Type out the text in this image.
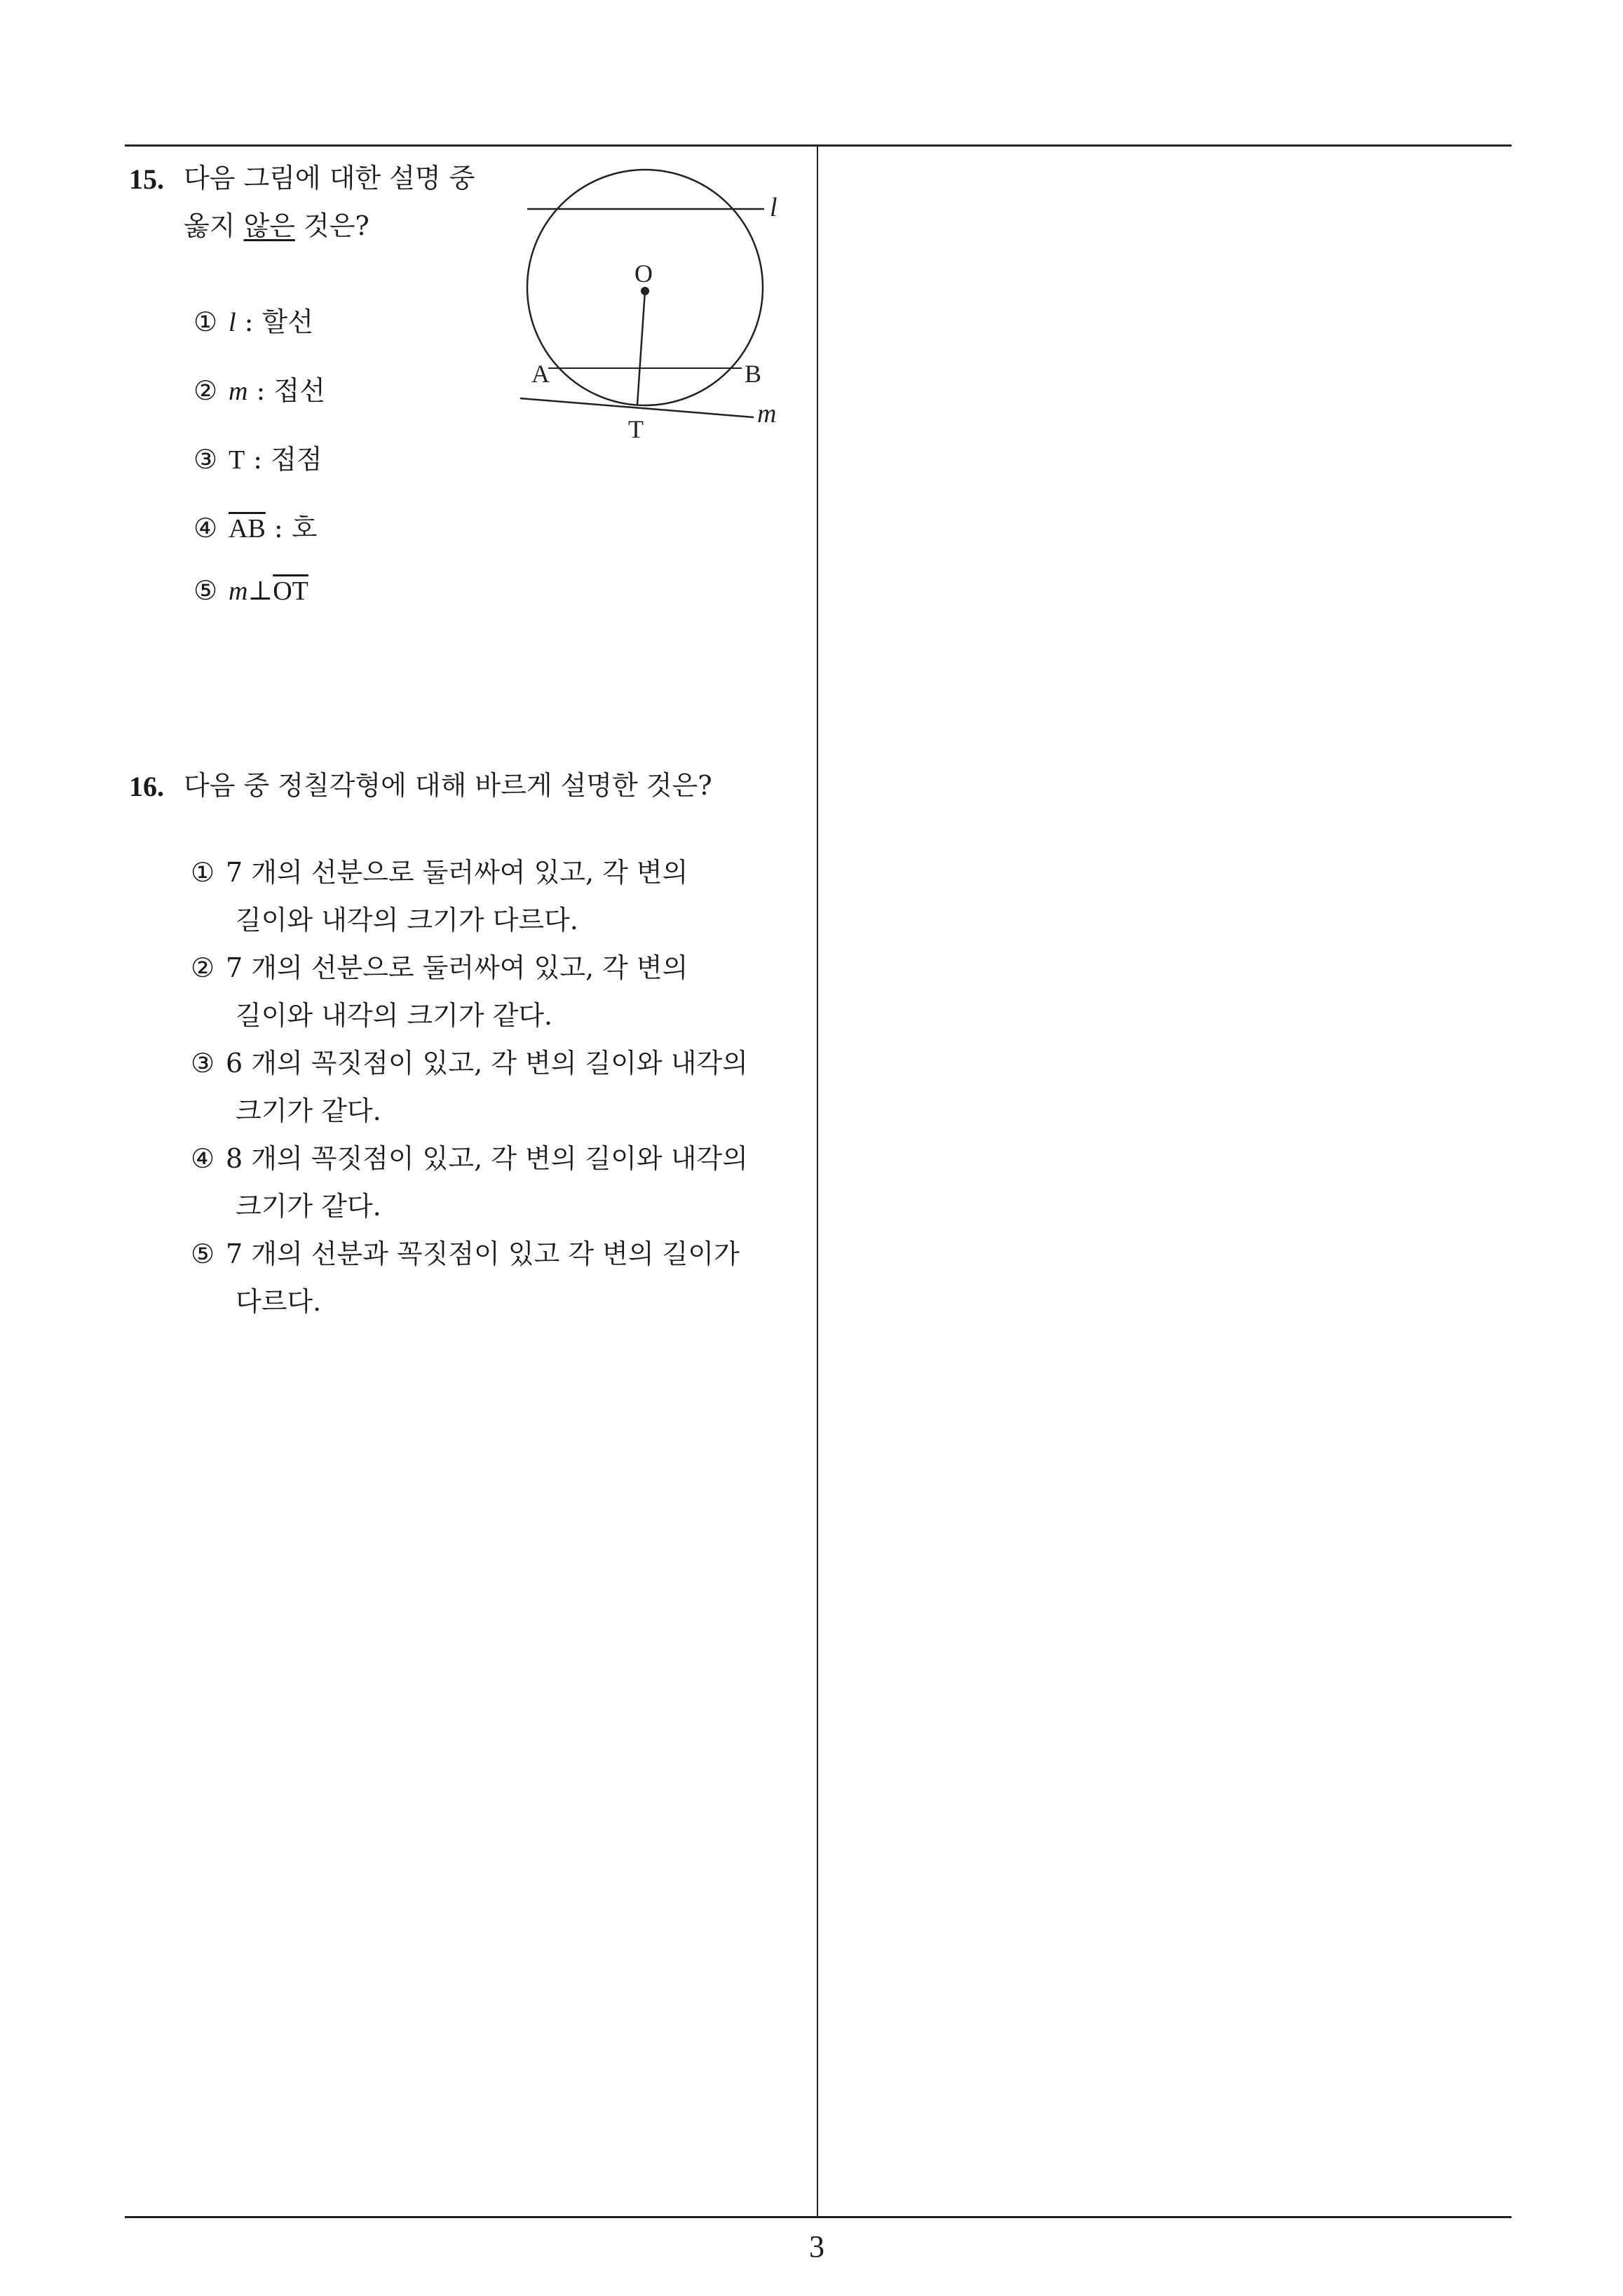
15. 다음 그림에 대한 설명 중
옳지 않은 것은?
① l : 할선
② m : 접선
③ T : 접점
④ $\overline{AB}$ : 호
⑤ $m\perp\overline{OT}$
O
A	B
T
l
m
16. 다음 중 정칠각형에 대해 바르게 설명한 것은?
① 7 개의 선분으로 둘러싸여 있고, 각 변의
길이와 내각의 크기가 다르다.
② 7 개의 선분으로 둘러싸여 있고, 각 변의
길이와 내각의 크기가 같다.
③ 6 개의 꼭짓점이 있고, 각 변의 길이와 내각의
크기가 같다.
④ 8 개의 꼭짓점이 있고, 각 변의 길이와 내각의
크기가 같다.
⑤ 7 개의 선분과 꼭짓점이 있고 각 변의 길이가
다르다.
3
